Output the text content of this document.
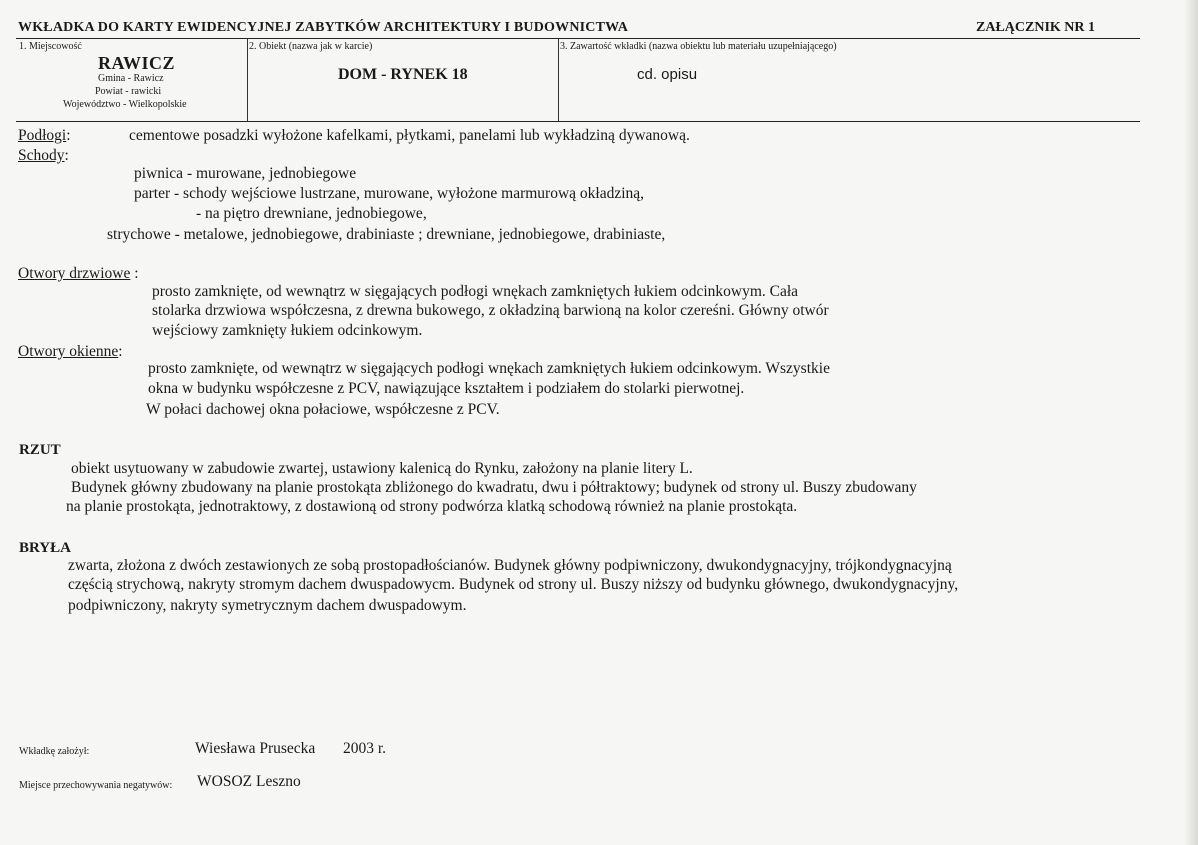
WKŁADKA DO KARTY EWIDENCYJNEJ ZABYTKÓW ARCHITEKTURY I BUDOWNICTWA	ZAŁĄCZNIK NR 1
1. Miejscowość
RAWICZ
Gmina - Rawicz
Powiat - rawicki
Województwo - Wielkopolskie
2. Obiekt (nazwa jak w karcie)
DOM - RYNEK 18
3. Zawartość wkładki (nazwa obiektu lub materiału uzupełniającego)
cd. opisu
Podłogi:	cementowe posadzki wyłożone kafelkami, płytkami, panelami lub wykładziną dywanową.
Schody:
piwnica - murowane, jednobiegowe
parter - schody wejściowe lustrzane, murowane, wyłożone marmurową okładziną,
- na piętro drewniane, jednobiegowe,
strychowe - metalowe, jednobiegowe, drabiniaste ; drewniane, jednobiegowe, drabiniaste,
Otwory drzwiowe :
prosto zamknięte, od wewnątrz w sięgających podłogi wnękach zamkniętych łukiem odcinkowym. Cała
stolarka drzwiowa współczesna, z drewna bukowego, z okładziną barwioną na kolor czereśni. Główny otwór
wejściowy zamknięty łukiem odcinkowym.
Otwory okienne:
prosto zamknięte, od wewnątrz w sięgających podłogi wnękach zamkniętych łukiem odcinkowym. Wszystkie
okna w budynku współczesne z PCV, nawiązujące kształtem i podziałem do stolarki pierwotnej.
W połaci dachowej okna połaciowe, współczesne z PCV.
RZUT
obiekt usytuowany w zabudowie zwartej, ustawiony kalenicą do Rynku, założony na planie litery L.
Budynek główny zbudowany na planie prostokąta zbliżonego do kwadratu, dwu i półtraktowy; budynek od strony ul. Buszy zbudowany
na planie prostokąta, jednotraktowy, z dostawioną od strony podwórza klatką schodową również na planie prostokąta.
BRYŁA
zwarta, złożona z dwóch zestawionych ze sobą prostopadłościanów. Budynek główny podpiwniczony, dwukondygnacyjny, trójkondygnacyjną
częścią strychową, nakryty stromym dachem dwuspadowycm. Budynek od strony ul. Buszy niższy od budynku głównego, dwukondygnacyjny,
podpiwniczony, nakryty symetrycznym dachem dwuspadowym.
Wkładkę założył:	Wiesława Prusecka 2003 r.
Miejsce przechowywania negatywów: WOSOZ Leszno
